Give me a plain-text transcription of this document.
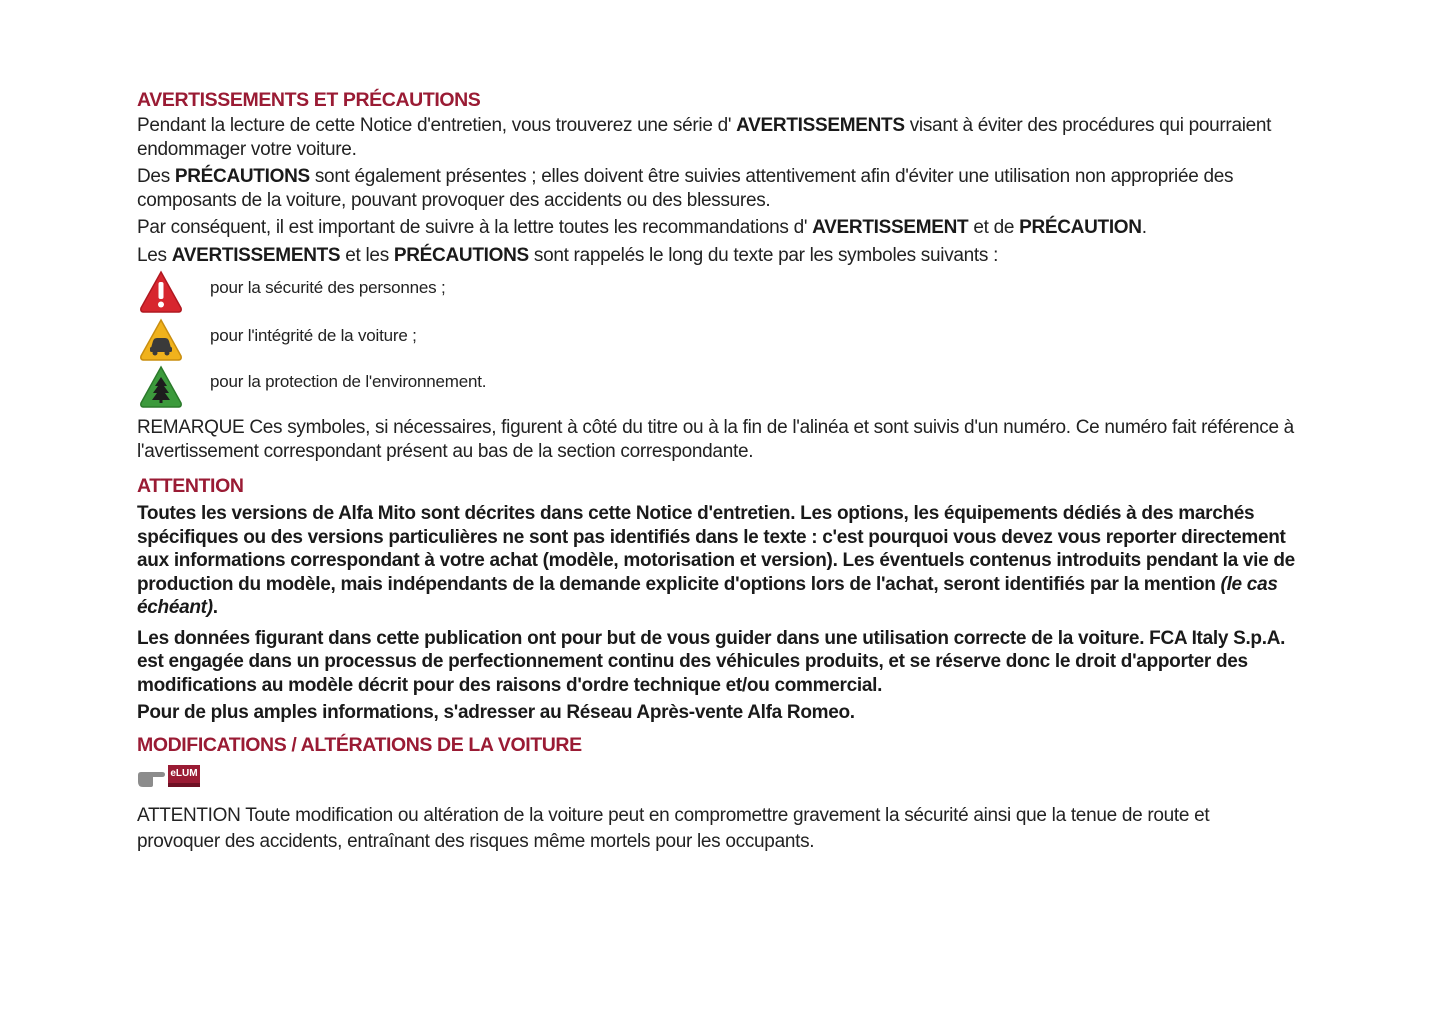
AVERTISSEMENTS ET PRÉCAUTIONS

Pendant la lecture de cette Notice d'entretien, vous trouverez une série d' AVERTISSEMENTS visant à éviter des procédures qui pourraient endommager votre voiture.

Des PRÉCAUTIONS sont également présentes ; elles doivent être suivies attentivement afin d'éviter une utilisation non appropriée des composants de la voiture, pouvant provoquer des accidents ou des blessures.

Par conséquent, il est important de suivre à la lettre toutes les recommandations d' AVERTISSEMENT et de PRÉCAUTION.

Les AVERTISSEMENTS et les PRÉCAUTIONS sont rappelés le long du texte par les symboles suivants :

pour la sécurité des personnes ;
pour l'intégrité de la voiture ;
pour la protection de l'environnement.

REMARQUE Ces symboles, si nécessaires, figurent à côté du titre ou à la fin de l'alinéa et sont suivis d'un numéro. Ce numéro fait référence à l'avertissement correspondant présent au bas de la section correspondante.

ATTENTION

Toutes les versions de Alfa Mito sont décrites dans cette Notice d'entretien. Les options, les équipements dédiés à des marchés spécifiques ou des versions particulières ne sont pas identifiés dans le texte : c'est pourquoi vous devez vous reporter directement aux informations correspondant à votre achat (modèle, motorisation et version). Les éventuels contenus introduits pendant la vie de production du modèle, mais indépendants de la demande explicite d'options lors de l'achat, seront identifiés par la mention (le cas échéant).

Les données figurant dans cette publication ont pour but de vous guider dans une utilisation correcte de la voiture. FCA Italy S.p.A. est engagée dans un processus de perfectionnement continu des véhicules produits, et se réserve donc le droit d'apporter des modifications au modèle décrit pour des raisons d'ordre technique et/ou commercial.

Pour de plus amples informations, s'adresser au Réseau Après-vente Alfa Romeo.

MODIFICATIONS / ALTÉRATIONS DE LA VOITURE
eLUM

ATTENTION Toute modification ou altération de la voiture peut en compromettre gravement la sécurité ainsi que la tenue de route et provoquer des accidents, entraînant des risques même mortels pour les occupants.
